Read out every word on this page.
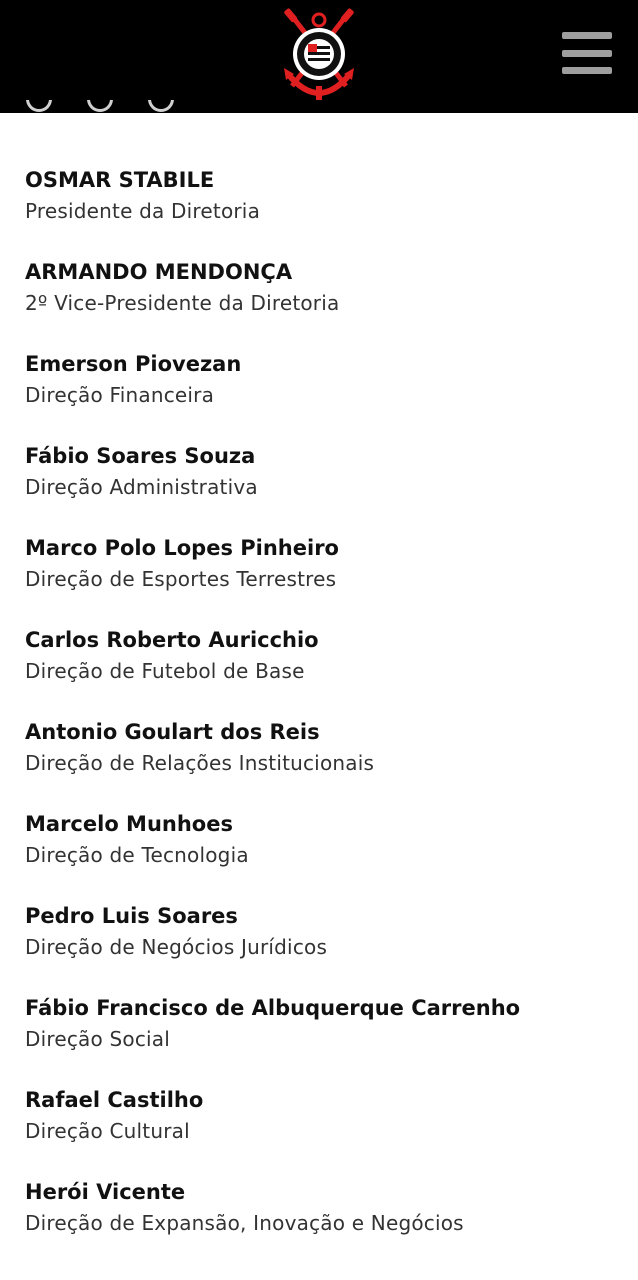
OSMAR STABILE
Presidente da Diretoria
ARMANDO MENDONÇA
2º Vice-Presidente da Diretoria
Emerson Piovezan
Direção Financeira
Fábio Soares Souza
Direção Administrativa
Marco Polo Lopes Pinheiro
Direção de Esportes Terrestres
Carlos Roberto Auricchio
Direção de Futebol de Base
Antonio Goulart dos Reis
Direção de Relações Institucionais
Marcelo Munhoes
Direção de Tecnologia
Pedro Luis Soares
Direção de Negócios Jurídicos
Fábio Francisco de Albuquerque Carrenho
Direção Social
Rafael Castilho
Direção Cultural
Herói Vicente
Direção de Expansão, Inovação e Negócios
